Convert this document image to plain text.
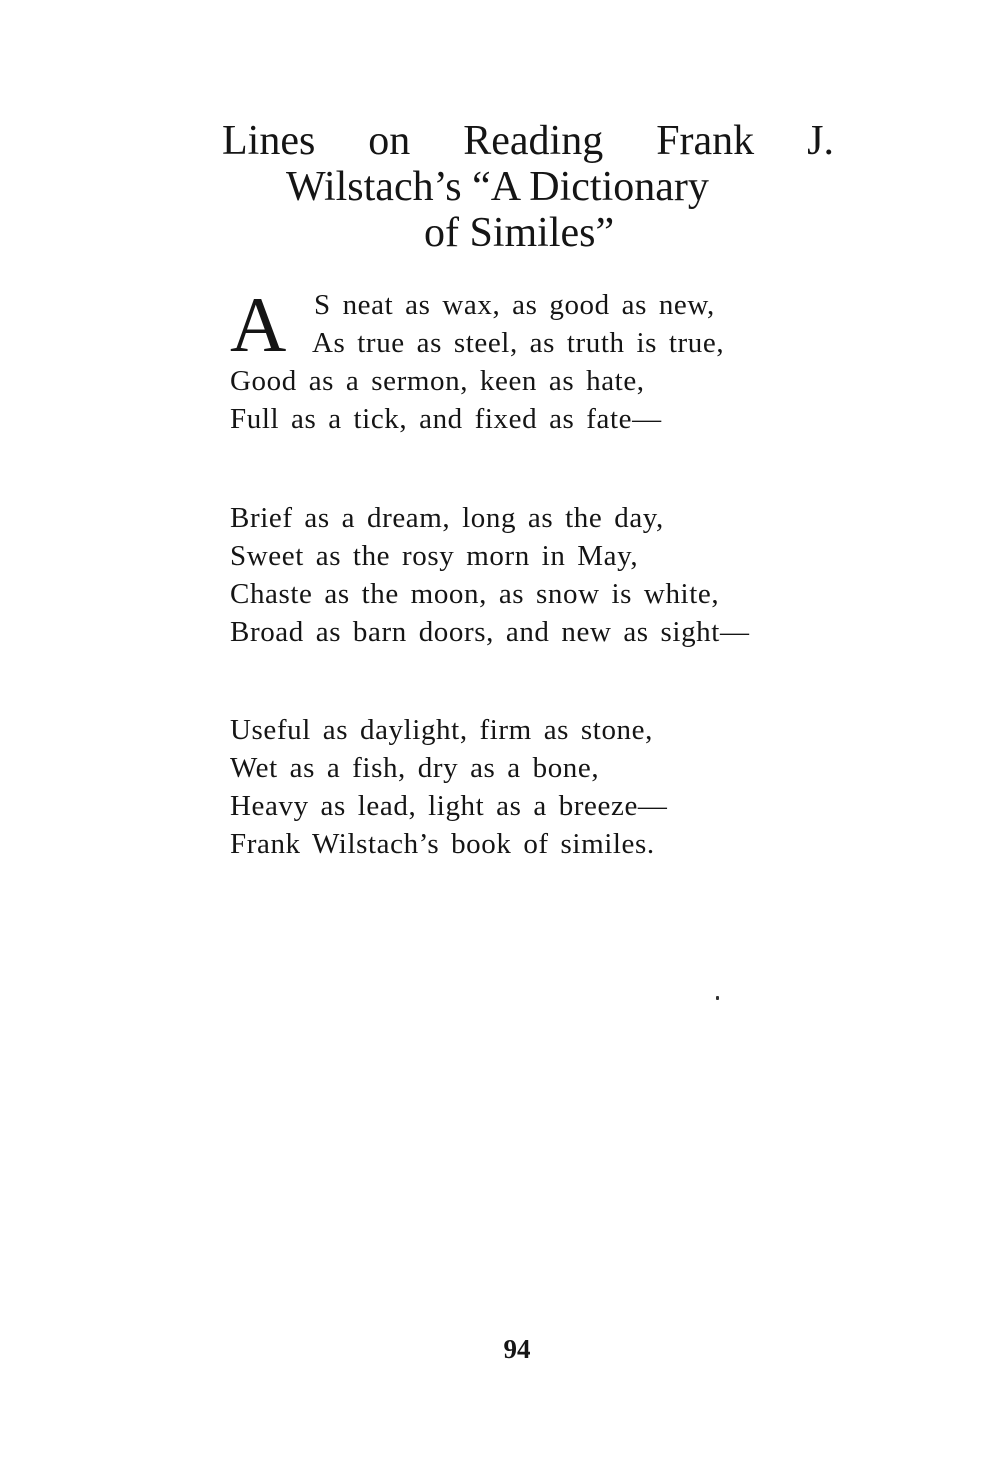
Lines on Reading Frank J.
Wilstach’s “A Dictionary
of Similes”
A S neat as wax, as good as new,
As true as steel, as truth is true,
Good as a sermon, keen as hate,
Full as a tick, and fixed as fate—
Brief as a dream, long as the day,
Sweet as the rosy morn in May,
Chaste as the moon, as snow is white,
Broad as barn doors, and new as sight—
Useful as daylight, firm as stone,
Wet as a fish, dry as a bone,
Heavy as lead, light as a breeze—
Frank Wilstach’s book of similes.

94
